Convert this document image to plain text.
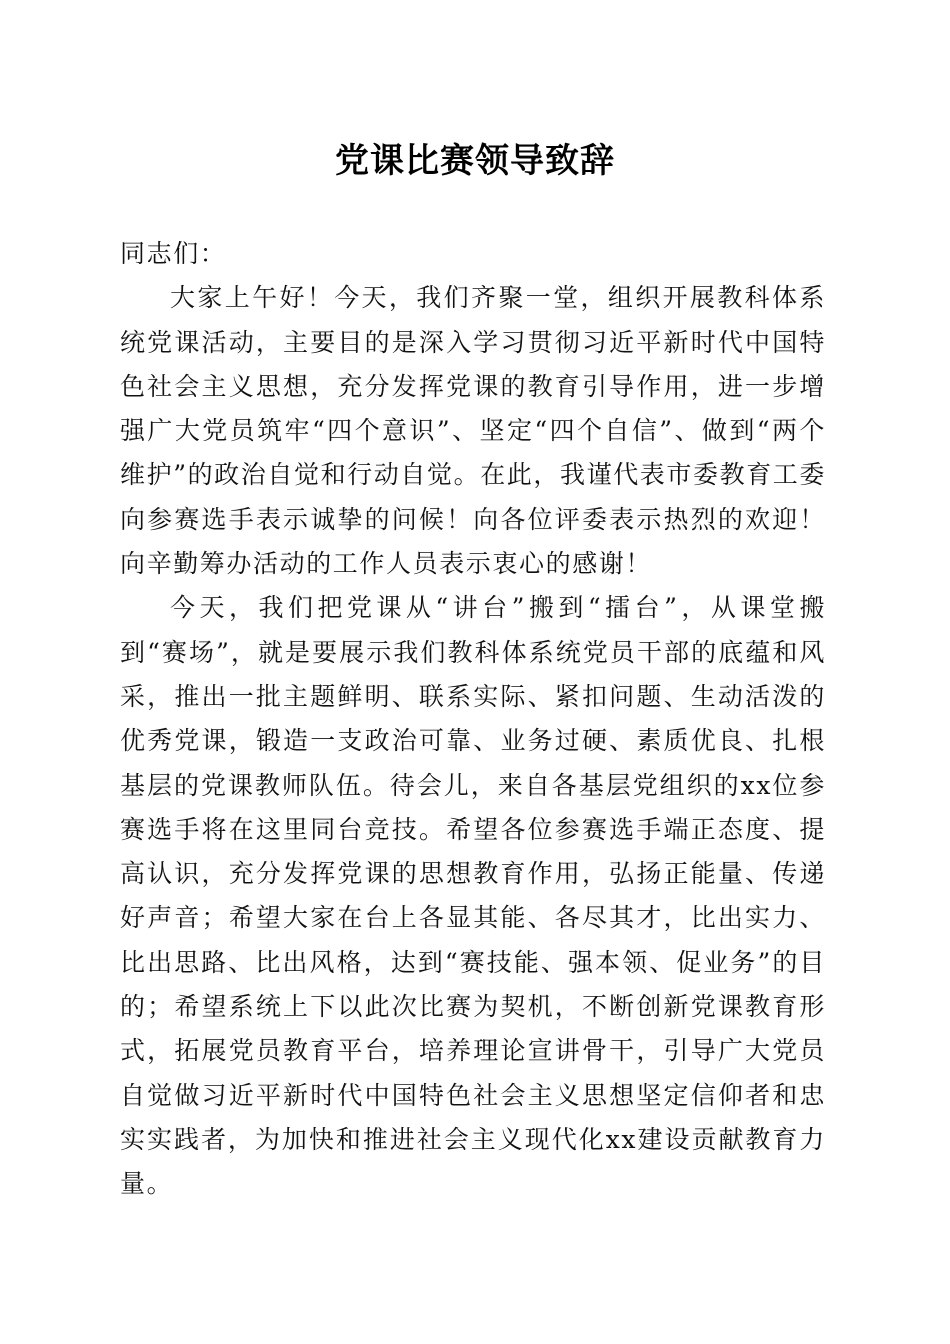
党课比赛领导致辞

同志们：

大家上午好！今天，我们齐聚一堂，组织开展教科体系统党课活动，主要目的是深入学习贯彻习近平新时代中国特色社会主义思想，充分发挥党课的教育引导作用，进一步增强广大党员筑牢“四个意识”、坚定“四个自信”、做到“两个维护”的政治自觉和行动自觉。在此，我谨代表市委教育工委向参赛选手表示诚挚的问候！向各位评委表示热烈的欢迎！向辛勤筹办活动的工作人员表示衷心的感谢！

今天，我们把党课从“讲台”搬到“擂台”，从课堂搬到“赛场”，就是要展示我们教科体系统党员干部的底蕴和风采，推出一批主题鲜明、联系实际、紧扣问题、生动活泼的优秀党课，锻造一支政治可靠、业务过硬、素质优良、扎根基层的党课教师队伍。待会儿，来自各基层党组织的xx位参赛选手将在这里同台竞技。希望各位参赛选手端正态度、提高认识，充分发挥党课的思想教育作用，弘扬正能量、传递好声音；希望大家在台上各显其能、各尽其才，比出实力、比出思路、比出风格，达到“赛技能、强本领、促业务”的目的；希望系统上下以此次比赛为契机，不断创新党课教育形式，拓展党员教育平台，培养理论宣讲骨干，引导广大党员自觉做习近平新时代中国特色社会主义思想坚定信仰者和忠实实践者，为加快和推进社会主义现代化xx建设贡献教育力量。
